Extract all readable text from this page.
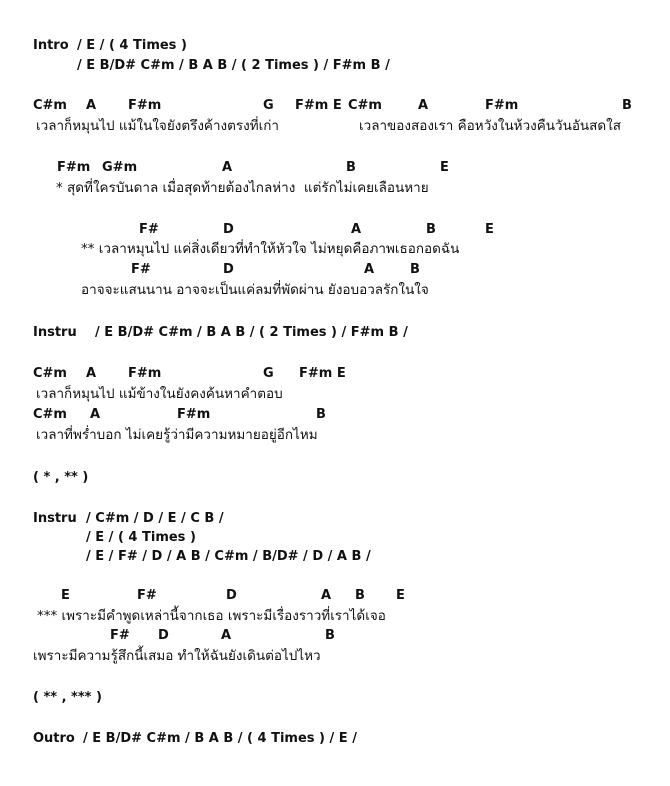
Intro / E / ( 4 Times )
/ E B/D# C#m / B A B / ( 2 Times ) / F#m B /
เวลาก็หมุนไป แม้ในใจยังตรึงค้างตรงที่เก่า	เวลาของสองเรา คือหวังในห้วงคืนวันอันสดใส
* สุดที่ใครบันดาล เมื่อสุดท้ายต้องไกลห่าง  แต่รักไม่เคยเลือนหาย
** เวลาหมุนไป แค่สิ่งเดียวที่ทำให้หัวใจ ไม่หยุดคือภาพเธอกอดฉัน
อาจจะแสนนาน อาจจะเป็นแค่ลมที่พัดผ่าน ยังอบอวลรักในใจ
Instru / E B/D# C#m / B A B / ( 2 Times ) / F#m B /
เวลาก็หมุนไป แม้ข้างในยังคงค้นหาคำตอบ
เวลาที่พร่ำบอก ไม่เคยรู้ว่ามีความหมายอยู่อีกไหม
( * , ** )
Instru / C#m / D / E / C B /
/ E / ( 4 Times )
/ E / F# / D / A B / C#m / B/D# / D / A B /
*** เพราะมีคำพูดเหล่านี้จากเธอ เพราะมีเรื่องราวที่เราได้เจอ
เพราะมีความรู้สึกนี้เสมอ ทำให้ฉันยังเดินต่อไปไหว
( ** , *** )
Outro / E B/D# C#m / B A B / ( 4 Times ) / E /
C#m A F#m	G F#m E C#m	A	F#m	B
F#m G#m	A	B	E
F#	D	A	B	E
F#	D	A	B
C#m A F#m	G F#m E
C#m A	F#m	B
E	F#	D	A B E
F# D	A	B
